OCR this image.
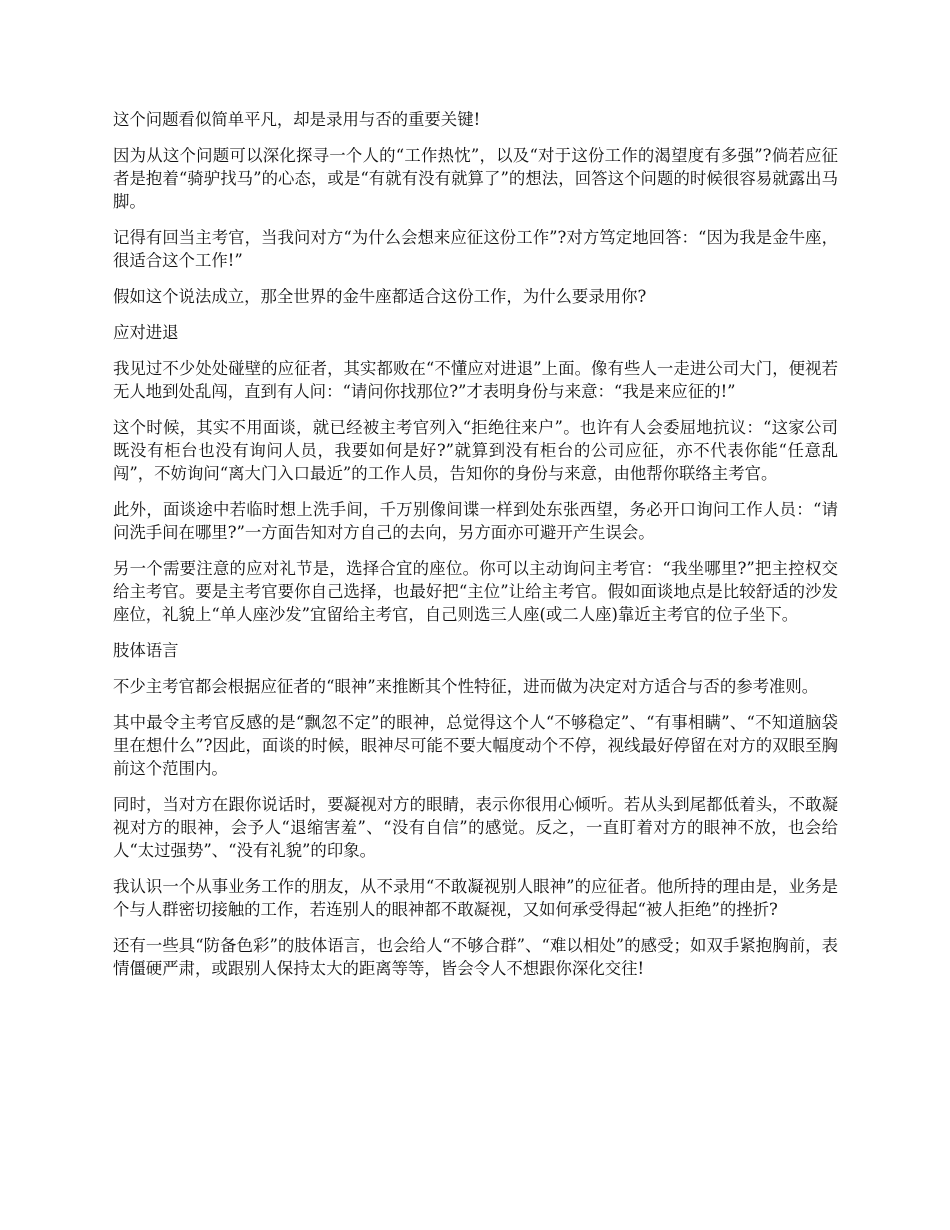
这个问题看似简单平凡，却是录用与否的重要关键!

因为从这个问题可以深化探寻一个人的“工作热忱”，以及“对于这份工作的渴望度有多强”?倘若应征者是抱着“骑驴找马”的心态，或是“有就有没有就算了”的想法，回答这个问题的时候很容易就露出马脚。

记得有回当主考官，当我问对方“为什么会想来应征这份工作”?对方笃定地回答：“因为我是金牛座，很适合这个工作!”

假如这个说法成立，那全世界的金牛座都适合这份工作，为什么要录用你?

应对进退

我见过不少处处碰壁的应征者，其实都败在“不懂应对进退”上面。像有些人一走进公司大门，便视若无人地到处乱闯，直到有人问：“请问你找那位?”才表明身份与来意：“我是来应征的!”

这个时候，其实不用面谈，就已经被主考官列入“拒绝往来户”。也许有人会委屈地抗议：“这家公司既没有柜台也没有询问人员，我要如何是好?”就算到没有柜台的公司应征，亦不代表你能“任意乱闯”，不妨询问“离大门入口最近”的工作人员，告知你的身份与来意，由他帮你联络主考官。

此外，面谈途中若临时想上洗手间，千万别像间谍一样到处东张西望，务必开口询问工作人员：“请问洗手间在哪里?”一方面告知对方自己的去向，另方面亦可避开产生误会。

另一个需要注意的应对礼节是，选择合宜的座位。你可以主动询问主考官：“我坐哪里?”把主控权交给主考官。要是主考官要你自己选择，也最好把“主位”让给主考官。假如面谈地点是比较舒适的沙发座位，礼貌上“单人座沙发”宜留给主考官，自己则选三人座(或二人座)靠近主考官的位子坐下。

肢体语言

不少主考官都会根据应征者的“眼神”来推断其个性特征，进而做为决定对方适合与否的参考准则。

其中最令主考官反感的是“飘忽不定”的眼神，总觉得这个人“不够稳定”、“有事相瞒”、“不知道脑袋里在想什么”?因此，面谈的时候，眼神尽可能不要大幅度动个不停，视线最好停留在对方的双眼至胸前这个范围内。

同时，当对方在跟你说话时，要凝视对方的眼睛，表示你很用心倾听。若从头到尾都低着头，不敢凝视对方的眼神，会予人“退缩害羞”、“没有自信”的感觉。反之，一直盯着对方的眼神不放，也会给人“太过强势”、“没有礼貌”的印象。

我认识一个从事业务工作的朋友，从不录用“不敢凝视别人眼神”的应征者。他所持的理由是，业务是个与人群密切接触的工作，若连别人的眼神都不敢凝视，又如何承受得起“被人拒绝”的挫折?

还有一些具“防备色彩”的肢体语言，也会给人“不够合群”、“难以相处”的感受；如双手紧抱胸前，表情僵硬严肃，或跟别人保持太大的距离等等，皆会令人不想跟你深化交往!
